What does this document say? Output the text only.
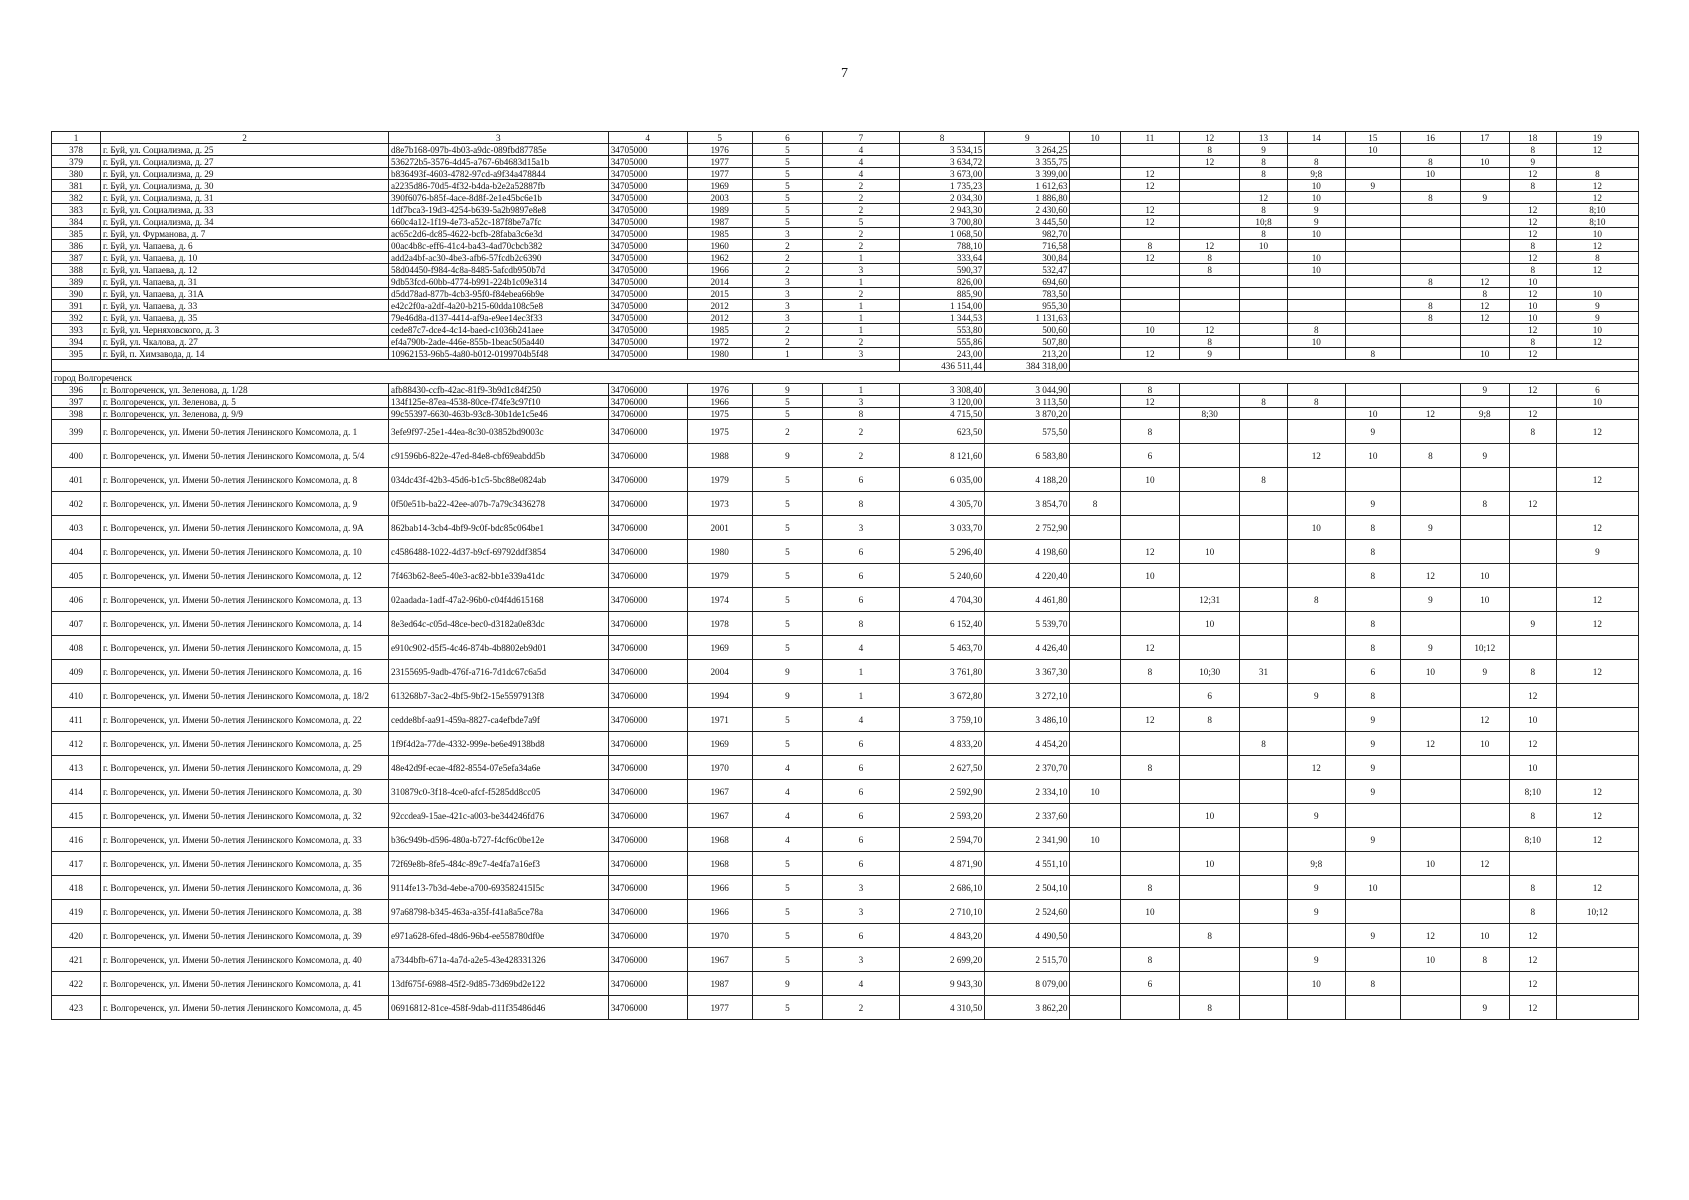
7
1	2	3	4	5	6	7	8	9	10	11	12	13	14	15	16	17	18	19
378	г. Буй, ул. Социализма, д. 25	d8e7b168-097b-4b03-a9dc-089fbd87785e	34705000	1976	5	4	3 534,15	3 264,25			8	9		10			8	12
379	г. Буй, ул. Социализма, д. 27	536272b5-3576-4d45-a767-6b4683d15a1b	34705000	1977	5	4	3 634,72	3 355,75			12	8	8		8	10	9	
380	г. Буй, ул. Социализма, д. 29	b836493f-4603-4782-97cd-a9f34a478844	34705000	1977	5	4	3 673,00	3 399,00		12		8	9;8		10		12	8
381	г. Буй, ул. Социализма, д. 30	a2235d86-70d5-4f32-b4da-b2e2a52887fb	34705000	1969	5	2	1 735,23	1 612,63		12			10	9			8	12
382	г. Буй, ул. Социализма, д. 31	390f6076-b85f-4ace-8d8f-2e1e45bc6e1b	34705000	2003	5	2	2 034,30	1 886,80				12	10		8	9		12
383	г. Буй, ул. Социализма, д. 33	1df7bca3-19d3-4254-b639-5a2b9897e8e8	34705000	1989	5	2	2 943,30	2 430,60		12		8	9				12	8;10
384	г. Буй, ул. Социализма, д. 34	660c4a12-1f19-4e73-a52c-187f8be7a7fc	34705000	1987	5	5	3 700,80	3 445,50		12		10;8	9				12	8;10
385	г. Буй, ул. Фурманова, д. 7	ac65c2d6-dc85-4622-bcfb-28faba3c6e3d	34705000	1985	3	2	1 068,50	982,70				8	10				12	10
386	г. Буй, ул. Чапаева, д. 6	00ac4b8c-eff6-41c4-ba43-4ad70cbcb382	34705000	1960	2	2	788,10	716,58		8	12	10					8	12
387	г. Буй, ул. Чапаева, д. 10	add2a4bf-ac30-4be3-afb6-57fcdb2c6390	34705000	1962	2	1	333,64	300,84		12	8		10				12	8
388	г. Буй, ул. Чапаева, д. 12	58d04450-f984-4c8a-8485-5afcdb950b7d	34705000	1966	2	3	590,37	532,47			8		10				8	12
389	г. Буй, ул. Чапаева, д. 31	9db53fcd-60bb-4774-b991-224b1c09e314	34705000	2014	3	1	826,00	694,60							8	12	10	
390	г. Буй, ул. Чапаева, д. 31А	d5dd78ad-877b-4cb3-95f0-f84ebea66b9e	34705000	2015	3	2	885,90	783,50								8	12	10
391	г. Буй, ул. Чапаева, д. 33	e42c2f0a-a2df-4a20-b215-60dda108c5e8	34705000	2012	3	1	1 154,00	955,30							8	12	10	9
392	г. Буй, ул. Чапаева, д. 35	79e46d8a-d137-4414-af9a-e9ee14ec3f33	34705000	2012	3	1	1 344,53	1 131,63							8	12	10	9
393	г. Буй, ул. Черняховского, д. 3	cede87c7-dce4-4c14-baed-c1036b241aee	34705000	1985	2	1	553,80	500,60		10	12		8				12	10
394	г. Буй, ул. Чкалова, д. 27	ef4a790b-2ade-446e-855b-1beac505a440	34705000	1972	2	2	555,86	507,80			8		10				8	12
395	г. Буй, п. Химзавода, д. 14	10962153-96b5-4a80-b012-0199704b5f48	34705000	1980	1	3	243,00	213,20		12	9			8		10	12	
							436 511,44	384 318,00										
город Волгореченск																		
396	г. Волгореченск, ул. Зеленова, д. 1/28	afb88430-ccfb-42ac-81f9-3b9d1c84f250	34706000	1976	9	1	3 308,40	3 044,90		8						9	12	6
397	г. Волгореченск, ул. Зеленова, д. 5	134f125e-87ea-4538-80ce-f74fe3c97f10	34706000	1966	5	3	3 120,00	3 113,50		12		8	8					10
398	г. Волгореченск, ул. Зеленова, д. 9/9	99c55397-6630-463b-93c8-30b1de1c5e46	34706000	1975	5	8	4 715,50	3 870,20			8;30			10	12	9;8	12	
399	г. Волгореченск, ул. Имени 50-летия Ленинского Комсомола, д. 1	3efe9f97-25e1-44ea-8c30-03852bd9003c	34706000	1975	2	2	623,50	575,50		8				9			8	12
400	г. Волгореченск, ул. Имени 50-летия Ленинского Комсомола, д. 5/4	c91596b6-822e-47ed-84e8-cbf69eabdd5b	34706000	1988	9	2	8 121,60	6 583,80		6			12	10	8	9		
401	г. Волгореченск, ул. Имени 50-летия Ленинского Комсомола, д. 8	034dc43f-42b3-45d6-b1c5-5bc88e0824ab	34706000	1979	5	6	6 035,00	4 188,20		10		8						12
402	г. Волгореченск, ул. Имени 50-летия Ленинского Комсомола, д. 9	0f50e51b-ba22-42ee-a07b-7a79c3436278	34706000	1973	5	8	4 305,70	3 854,70	8					9		8	12	
403	г. Волгореченск, ул. Имени 50-летия Ленинского Комсомола, д. 9А	862bab14-3cb4-4bf9-9c0f-bdc85c064be1	34706000	2001	5	3	3 033,70	2 752,90					10	8	9			12
404	г. Волгореченск, ул. Имени 50-летия Ленинского Комсомола, д. 10	c4586488-1022-4d37-b9cf-69792ddf3854	34706000	1980	5	6	5 296,40	4 198,60		12	10			8				9
405	г. Волгореченск, ул. Имени 50-летия Ленинского Комсомола, д. 12	7f463b62-8ee5-40e3-ac82-bb1e339a41dc	34706000	1979	5	6	5 240,60	4 220,40		10				8	12	10		
406	г. Волгореченск, ул. Имени 50-летия Ленинского Комсомола, д. 13	02aadada-1adf-47a2-96b0-c04f4d615168	34706000	1974	5	6	4 704,30	4 461,80			12;31		8		9	10		12
407	г. Волгореченск, ул. Имени 50-летия Ленинского Комсомола, д. 14	8e3ed64c-c05d-48ce-bec0-d3182a0e83dc	34706000	1978	5	8	6 152,40	5 539,70			10			8			9	12
408	г. Волгореченск, ул. Имени 50-летия Ленинского Комсомола, д. 15	e910c902-d5f5-4c46-874b-4b8802eb9d01	34706000	1969	5	4	5 463,70	4 426,40		12				8	9	10;12		
409	г. Волгореченск, ул. Имени 50-летия Ленинского Комсомола, д. 16	23155695-9adb-476f-a716-7d1dc67c6a5d	34706000	2004	9	1	3 761,80	3 367,30		8	10;30	31		6	10	9	8	12
410	г. Волгореченск, ул. Имени 50-летия Ленинского Комсомола, д. 18/2	613268b7-3ac2-4bf5-9bf2-15e5597913f8	34706000	1994	9	1	3 672,80	3 272,10			6		9	8			12	
411	г. Волгореченск, ул. Имени 50-летия Ленинского Комсомола, д. 22	cedde8bf-aa91-459a-8827-ca4efbde7a9f	34706000	1971	5	4	3 759,10	3 486,10		12	8			9		12	10	
412	г. Волгореченск, ул. Имени 50-летия Ленинского Комсомола, д. 25	1f9f4d2a-77de-4332-999e-be6e49138bd8	34706000	1969	5	6	4 833,20	4 454,20				8		9	12	10	12	
413	г. Волгореченск, ул. Имени 50-летия Ленинского Комсомола, д. 29	48e42d9f-ecae-4f82-8554-07e5efa34a6e	34706000	1970	4	6	2 627,50	2 370,70		8			12	9			10	
414	г. Волгореченск, ул. Имени 50-летия Ленинского Комсомола, д. 30	310879c0-3f18-4ce0-afcf-f5285dd8cc05	34706000	1967	4	6	2 592,90	2 334,10	10					9			8;10	12
415	г. Волгореченск, ул. Имени 50-летия Ленинского Комсомола, д. 32	92ccdea9-15ae-421c-a003-be344246fd76	34706000	1967	4	6	2 593,20	2 337,60			10		9				8	12
416	г. Волгореченск, ул. Имени 50-летия Ленинского Комсомола, д. 33	b36c949b-d596-480a-b727-f4cf6c0be12e	34706000	1968	4	6	2 594,70	2 341,90	10					9			8;10	12
417	г. Волгореченск, ул. Имени 50-летия Ленинского Комсомола, д. 35	72f69e8b-8fe5-484c-89c7-4e4fa7a16ef3	34706000	1968	5	6	4 871,90	4 551,10			10		9;8		10	12		
418	г. Волгореченск, ул. Имени 50-летия Ленинского Комсомола, д. 36	9114fe13-7b3d-4ebe-a700-693582415I5c	34706000	1966	5	3	2 686,10	2 504,10		8			9	10			8	12
419	г. Волгореченск, ул. Имени 50-летия Ленинского Комсомола, д. 38	97a68798-b345-463a-a35f-f41a8a5ce78a	34706000	1966	5	3	2 710,10	2 524,60		10			9				8	10;12
420	г. Волгореченск, ул. Имени 50-летия Ленинского Комсомола, д. 39	e971a628-6fed-48d6-96b4-ee558780df0e	34706000	1970	5	6	4 843,20	4 490,50			8			9	12	10	12	
421	г. Волгореченск, ул. Имени 50-летия Ленинского Комсомола, д. 40	a7344bfb-671a-4a7d-a2e5-43e428331326	34706000	1967	5	3	2 699,20	2 515,70		8			9		10	8	12	
422	г. Волгореченск, ул. Имени 50-летия Ленинского Комсомола, д. 41	13df675f-6988-45f2-9d85-73d69bd2e122	34706000	1987	9	4	9 943,30	8 079,00		6			10	8			12	
423	г. Волгореченск, ул. Имени 50-летия Ленинского Комсомола, д. 45	06916812-81ce-458f-9dab-d11f35486d46	34706000	1977	5	2	4 310,50	3 862,20			8					9	12	
